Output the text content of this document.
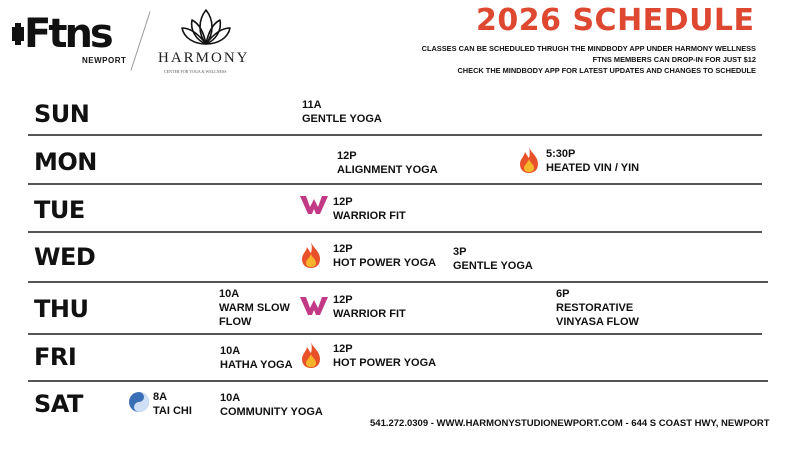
Ftns
NEWPORT HARMONY
CENTER FOR YOGA & WELLNESS
2026 SCHEDULE
CLASSES CAN BE SCHEDULED THRUGH THE MINDBODY APP UNDER HARMONY WELLNESS
FTNS MEMBERS CAN DROP-IN FOR JUST $12
CHECK THE MINDBODY APP FOR LATEST UPDATES AND CHANGES TO SCHEDULE
SUN
MON
TUE
WED
THU
FRI
SAT
11A
GENTLE YOGA
12P
ALIGNMENT YOGA
5:30P
HEATED VIN / YIN
12P
WARRIOR FIT
12P
HOT POWER YOGA
3P
GENTLE YOGA
10A
WARM SLOW
FLOW
12P
WARRIOR FIT
6P
RESTORATIVE
VINYASA FLOW
10A
HATHA YOGA
12P
HOT POWER YOGA
8A
TAI CHI
10A
COMMUNITY YOGA
541.272.0309 - WWW.HARMONYSTUDIONEWPORT.COM - 644 S COAST HWY, NEWPORT
